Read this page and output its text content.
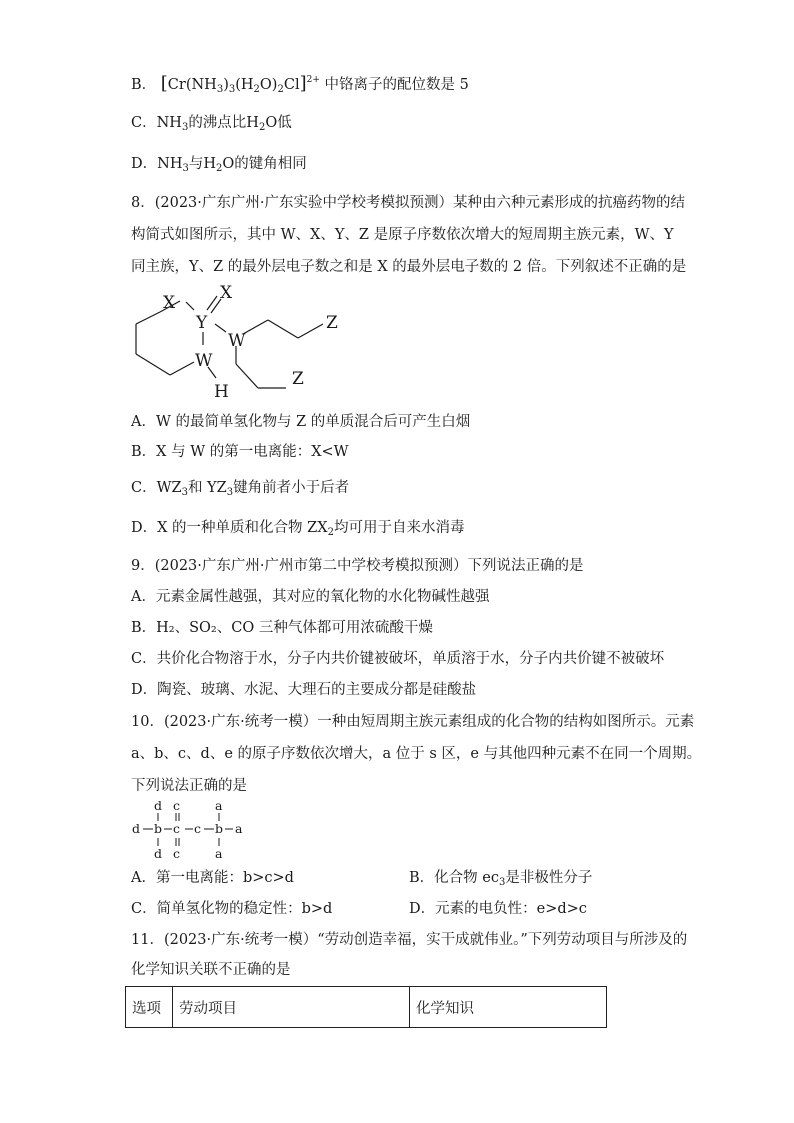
B． $[Cr(NH_3)_3(H_2O)_2Cl]^{2+}$ 中铬离子的配位数是 5
C．$NH_3$的沸点比$H_2O$低
D．$NH_3$与$H_2O$的键角相同
8．(2023·广东广州·广东实验中学校考模拟预测）某种由六种元素形成的抗癌药物的结
构简式如图所示，其中 W、X、Y、Z 是原子序数依次增大的短周期主族元素，W、Y
同主族，Y、Z 的最外层电子数之和是 X 的最外层电子数的 2 倍。下列叙述不正确的是
X	X
Y
W
W
Z
Z
H
A．W 的最简单氢化物与 Z 的单质混合后可产生白烟
B．X 与 W 的第一电离能：X<W
C．$WZ_3$和 $YZ_3$键角前者小于后者
D．X 的一种单质和化合物 $ZX_2$均可用于自来水消毒
9．(2023·广东广州·广州市第二中学校考模拟预测）下列说法正确的是
A．元素金属性越强，其对应的氧化物的水化物碱性越强
B．H₂、SO₂、CO 三种气体都可用浓硫酸干燥
C．共价化合物溶于水，分子内共价键被破坏，单质溶于水，分子内共价键不被破坏
D．陶瓷、玻璃、水泥、大理石的主要成分都是硅酸盐
10．(2023·广东·统考一模）一种由短周期主族元素组成的化合物的结构如图所示。元素
a、b、c、d、e 的原子序数依次增大，a 位于 s 区，e 与其他四种元素不在同一个周期。
下列说法正确的是
d c	a
d b c c b a
d c	a
A．第一电离能：b>c>d	B．化合物 $ec_3$是非极性分子
C．简单氢化物的稳定性：b>d	D．元素的电负性：e>d>c
11．(2023·广东·统考一模）“劳动创造幸福，实干成就伟业。”下列劳动项目与所涉及的
化学知识关联不正确的是
选项	劳动项目	化学知识
